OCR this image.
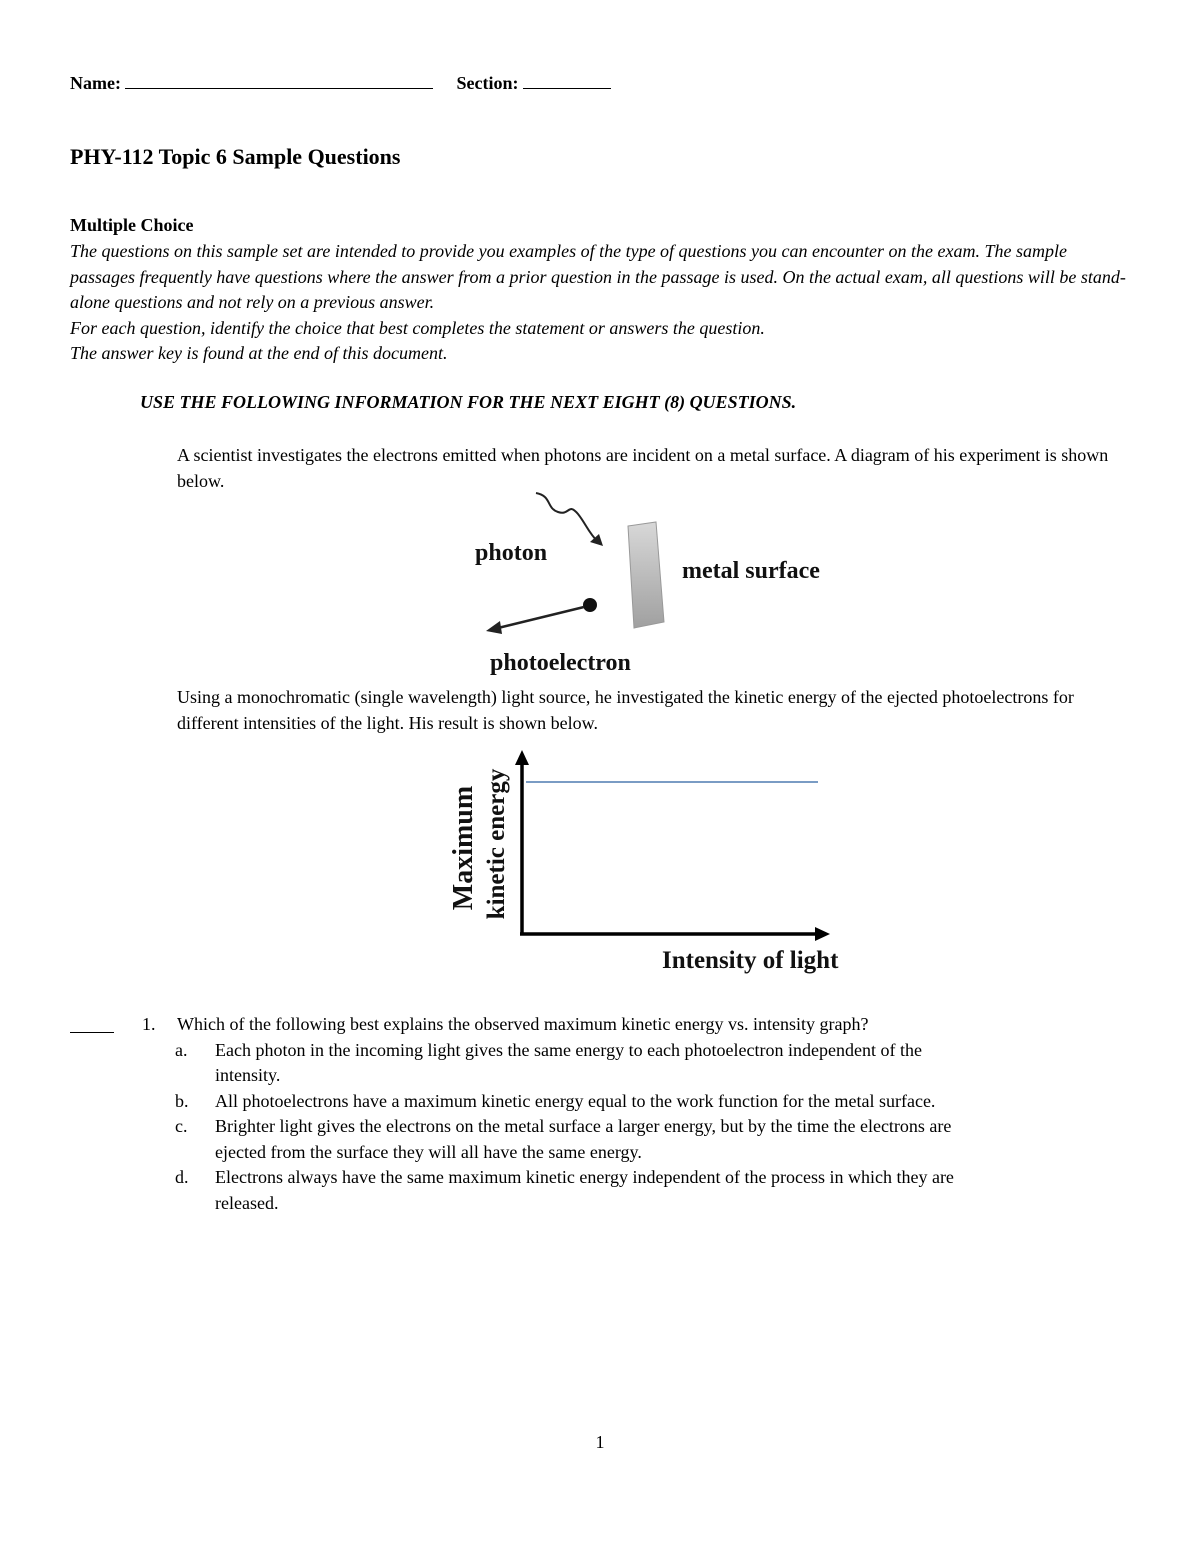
Name:	Section:
PHY-112 Topic 6 Sample Questions
Multiple Choice

The questions on this sample set are intended to provide you examples of the type of questions you can encounter on the exam. The sample passages frequently have questions where the answer from a prior question in the passage is used. On the actual exam, all questions will be stand-alone questions and not rely on a previous answer.

For each question, identify the choice that best completes the statement or answers the question.

The answer key is found at the end of this document.

USE THE FOLLOWING INFORMATION FOR THE NEXT EIGHT (8) QUESTIONS.

A scientist investigates the electrons emitted when photons are incident on a metal surface. A diagram of his experiment is shown below.

photon
metal surface
photoelectron

Using a monochromatic (single wavelength) light source, he investigated the kinetic energy of the ejected photoelectrons for different intensities of the light. His result is shown below.

Maximum kinetic energy
Intensity of light
1. Which of the following best explains the observed maximum kinetic energy vs. intensity graph?
a. Each photon in the incoming light gives the same energy to each photoelectron independent of the intensity.
b. All photoelectrons have a maximum kinetic energy equal to the work function for the metal surface.
c. Brighter light gives the electrons on the metal surface a larger energy, but by the time the electrons are ejected from the surface they will all have the same energy.
d. Electrons always have the same maximum kinetic energy independent of the process in which they are released.
1
